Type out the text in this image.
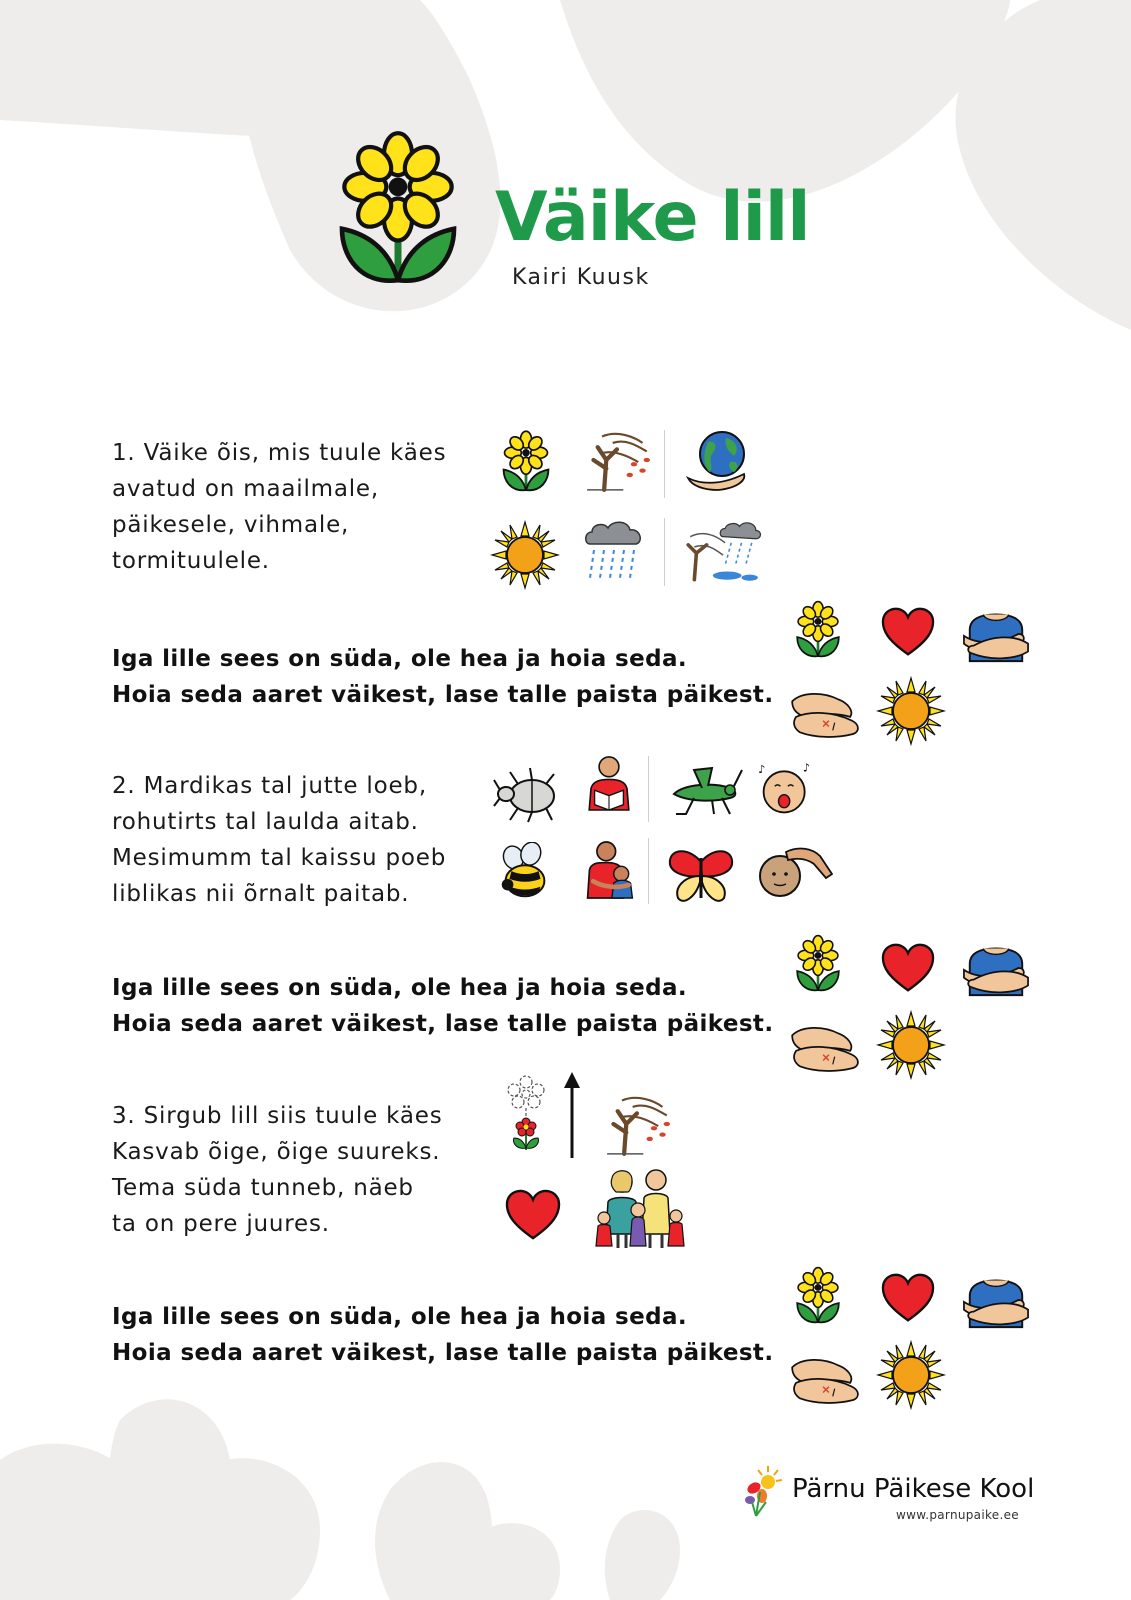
Väike lill
Kairi Kuusk
1. Väike õis, mis tuule käes
avatud on maailmale,
päikesele, vihmale,
tormituulele.
Iga lille sees on süda, ole hea ja hoia seda.
Hoia seda aaret väikest, lase talle paista päikest.
2. Mardikas tal jutte loeb,
rohutirts tal laulda aitab.
Mesimumm tal kaissu poeb
liblikas nii õrnalt paitab.
Iga lille sees on süda, ole hea ja hoia seda.
Hoia seda aaret väikest, lase talle paista päikest.
3. Sirgub lill siis tuule käes
Kasvab õige, õige suureks.
Tema süda tunneb, näeb
ta on pere juures.
Iga lille sees on süda, ole hea ja hoia seda.
Hoia seda aaret väikest, lase talle paista päikest.
Pärnu Päikese Kool
www.parnupaike.ee
